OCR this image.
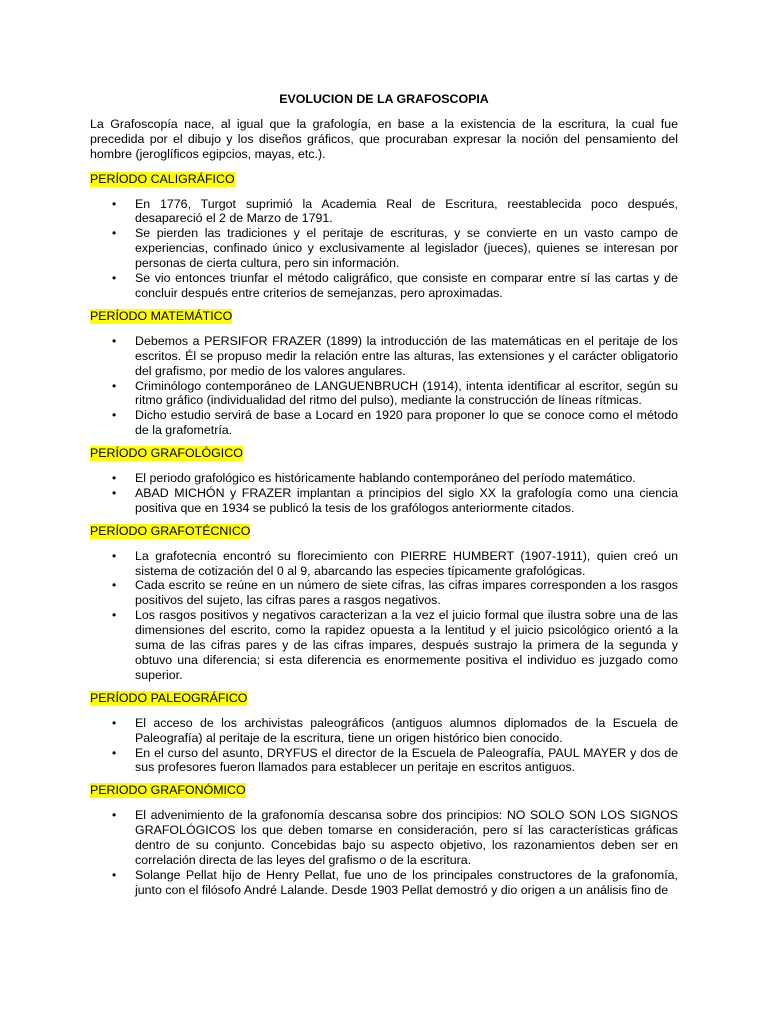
EVOLUCION DE LA GRAFOSCOPIA
La Grafoscopía nace, al igual que la grafología, en base a la existencia de la escritura, la cual fue precedida por el dibujo y los diseños gráficos, que procuraban expresar la noción del pensamiento del hombre (jeroglíficos egipcios, mayas, etc.).
PERÍODO CALIGRÁFICO
•	En 1776, Turgot suprimió la Academia Real de Escritura, reestablecida poco después, desapareció el 2 de Marzo de 1791.
•	Se pierden las tradiciones y el peritaje de escrituras, y se convierte en un vasto campo de experiencias, confinado único y exclusivamente al legislador (jueces), quienes se interesan por personas de cierta cultura, pero sin información.
•	Se vio entonces triunfar el método caligráfico, que consiste en comparar entre sí las cartas y de concluir después entre criterios de semejanzas, pero aproximadas.
PERÍODO MATEMÁTICO
•	Debemos a PERSIFOR FRAZER (1899) la introducción de las matemáticas en el peritaje de los escritos. Él se propuso medir la relación entre las alturas, las extensiones y el carácter obligatorio del grafismo, por medio de los valores angulares.
•	Criminólogo contemporáneo de LANGUENBRUCH (1914), intenta identificar al escritor, según su ritmo gráfico (individualidad del ritmo del pulso), mediante la construcción de líneas rítmicas.
•	Dicho estudio servirá de base a Locard en 1920 para proponer lo que se conoce como el método de la grafometría.
PERÍODO GRAFOLÓGICO
•	El periodo grafológico es históricamente hablando contemporáneo del período matemático.
•	ABAD MICHÓN y FRAZER implantan a principios del siglo XX la grafología como una ciencia positiva que en 1934 se publicó la tesis de los grafólogos anteriormente citados.
PERÍODO GRAFOTÉCNICO
•	La grafotecnia encontró su florecimiento con PIERRE HUMBERT (1907-1911), quien creó un sistema de cotización del 0 al 9, abarcando las especies típicamente grafológicas.
•	Cada escrito se reúne en un número de siete cifras, las cifras impares corresponden a los rasgos positivos del sujeto, las cifras pares a rasgos negativos.
•	Los rasgos positivos y negativos caracterizan a la vez el juicio formal que ilustra sobre una de las dimensiones del escrito, como la rapidez opuesta a la lentitud y el juicio psicológico orientó a la suma de las cifras pares y de las cifras impares, después sustrajo la primera de la segunda y obtuvo una diferencia; si esta diferencia es enormemente positiva el individuo es juzgado como superior.
PERÍODO PALEOGRÁFICO
•	El acceso de los archivistas paleográficos (antiguos alumnos diplomados de la Escuela de Paleografía) al peritaje de la escritura, tiene un origen histórico bien conocido.
•	En el curso del asunto, DRYFUS el director de la Escuela de Paleografía, PAUL MAYER y dos de sus profesores fueron llamados para establecer un peritaje en escritos antiguos.
PERIODO GRAFONÓMICO
•	El advenimiento de la grafonomía descansa sobre dos principios: NO SOLO SON LOS SIGNOS GRAFOLÓGICOS los que deben tomarse en consideración, pero sí las características gráficas dentro de su conjunto. Concebidas bajo su aspecto objetivo, los razonamientos deben ser en correlación directa de las leyes del grafismo o de la escritura.
•	Solange Pellat hijo de Henry Pellat, fue uno de los principales constructores de la grafonomía, junto con el filósofo André Lalande. Desde 1903 Pellat demostró y dio origen a un análisis fino de
